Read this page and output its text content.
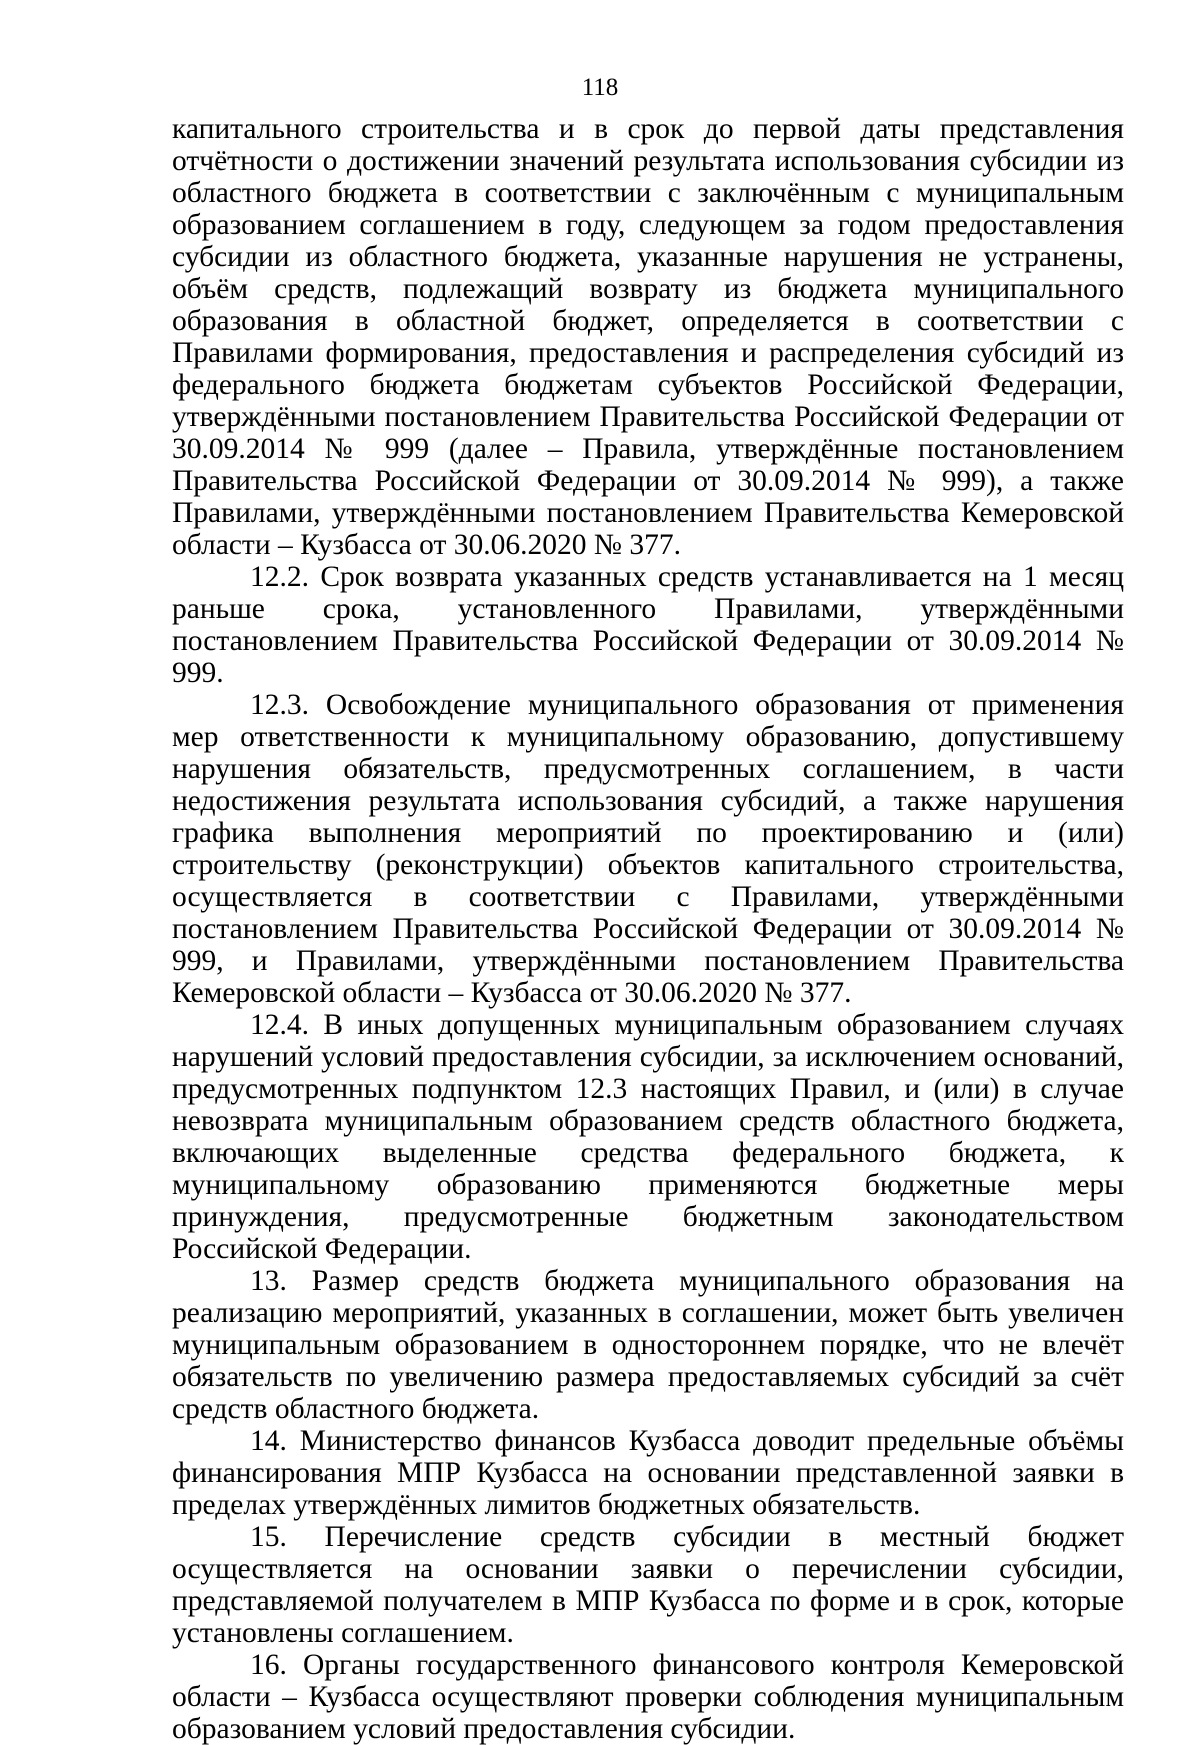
118

капитального строительства и в срок до первой даты представления отчётности о достижении значений результата использования субсидии из областного бюджета в соответствии с заключённым с муниципальным образованием соглашением в году, следующем за годом предоставления субсидии из областного бюджета, указанные нарушения не устранены, объём средств, подлежащий возврату из бюджета муниципального образования в областной бюджет, определяется в соответствии с Правилами формирования, предоставления и распределения субсидий из федерального бюджета бюджетам субъектов Российской Федерации, утверждёнными постановлением Правительства Российской Федерации от 30.09.2014 № 999 (далее – Правила, утверждённые постановлением Правительства Российской Федерации от 30.09.2014 № 999), а также Правилами, утверждёнными постановлением Правительства Кемеровской области – Кузбасса от 30.06.2020 № 377.

12.2. Срок возврата указанных средств устанавливается на 1 месяц раньше срока, установленного Правилами, утверждёнными постановлением Правительства Российской Федерации от 30.09.2014 № 999.

12.3. Освобождение муниципального образования от применения мер ответственности к муниципальному образованию, допустившему нарушения обязательств, предусмотренных соглашением, в части недостижения результата использования субсидий, а также нарушения графика выполнения мероприятий по проектированию и (или) строительству (реконструкции) объектов капитального строительства, осуществляется в соответствии с Правилами, утверждёнными постановлением Правительства Российской Федерации от 30.09.2014 № 999, и Правилами, утверждёнными постановлением Правительства Кемеровской области – Кузбасса от 30.06.2020 № 377.

12.4. В иных допущенных муниципальным образованием случаях нарушений условий предоставления субсидии, за исключением оснований, предусмотренных подпунктом 12.3 настоящих Правил, и (или) в случае невозврата муниципальным образованием средств областного бюджета, включающих выделенные средства федерального бюджета, к муниципальному образованию применяются бюджетные меры принуждения, предусмотренные бюджетным законодательством Российской Федерации.

13. Размер средств бюджета муниципального образования на реализацию мероприятий, указанных в соглашении, может быть увеличен муниципальным образованием в одностороннем порядке, что не влечёт обязательств по увеличению размера предоставляемых субсидий за счёт средств областного бюджета.

14. Министерство финансов Кузбасса доводит предельные объёмы финансирования МПР Кузбасса на основании представленной заявки в пределах утверждённых лимитов бюджетных обязательств.

15. Перечисление средств субсидии в местный бюджет осуществляется на основании заявки о перечислении субсидии, представляемой получателем в МПР Кузбасса по форме и в срок, которые установлены соглашением.

16. Органы государственного финансового контроля Кемеровской области – Кузбасса осуществляют проверки соблюдения муниципальным образованием условий предоставления субсидии.
